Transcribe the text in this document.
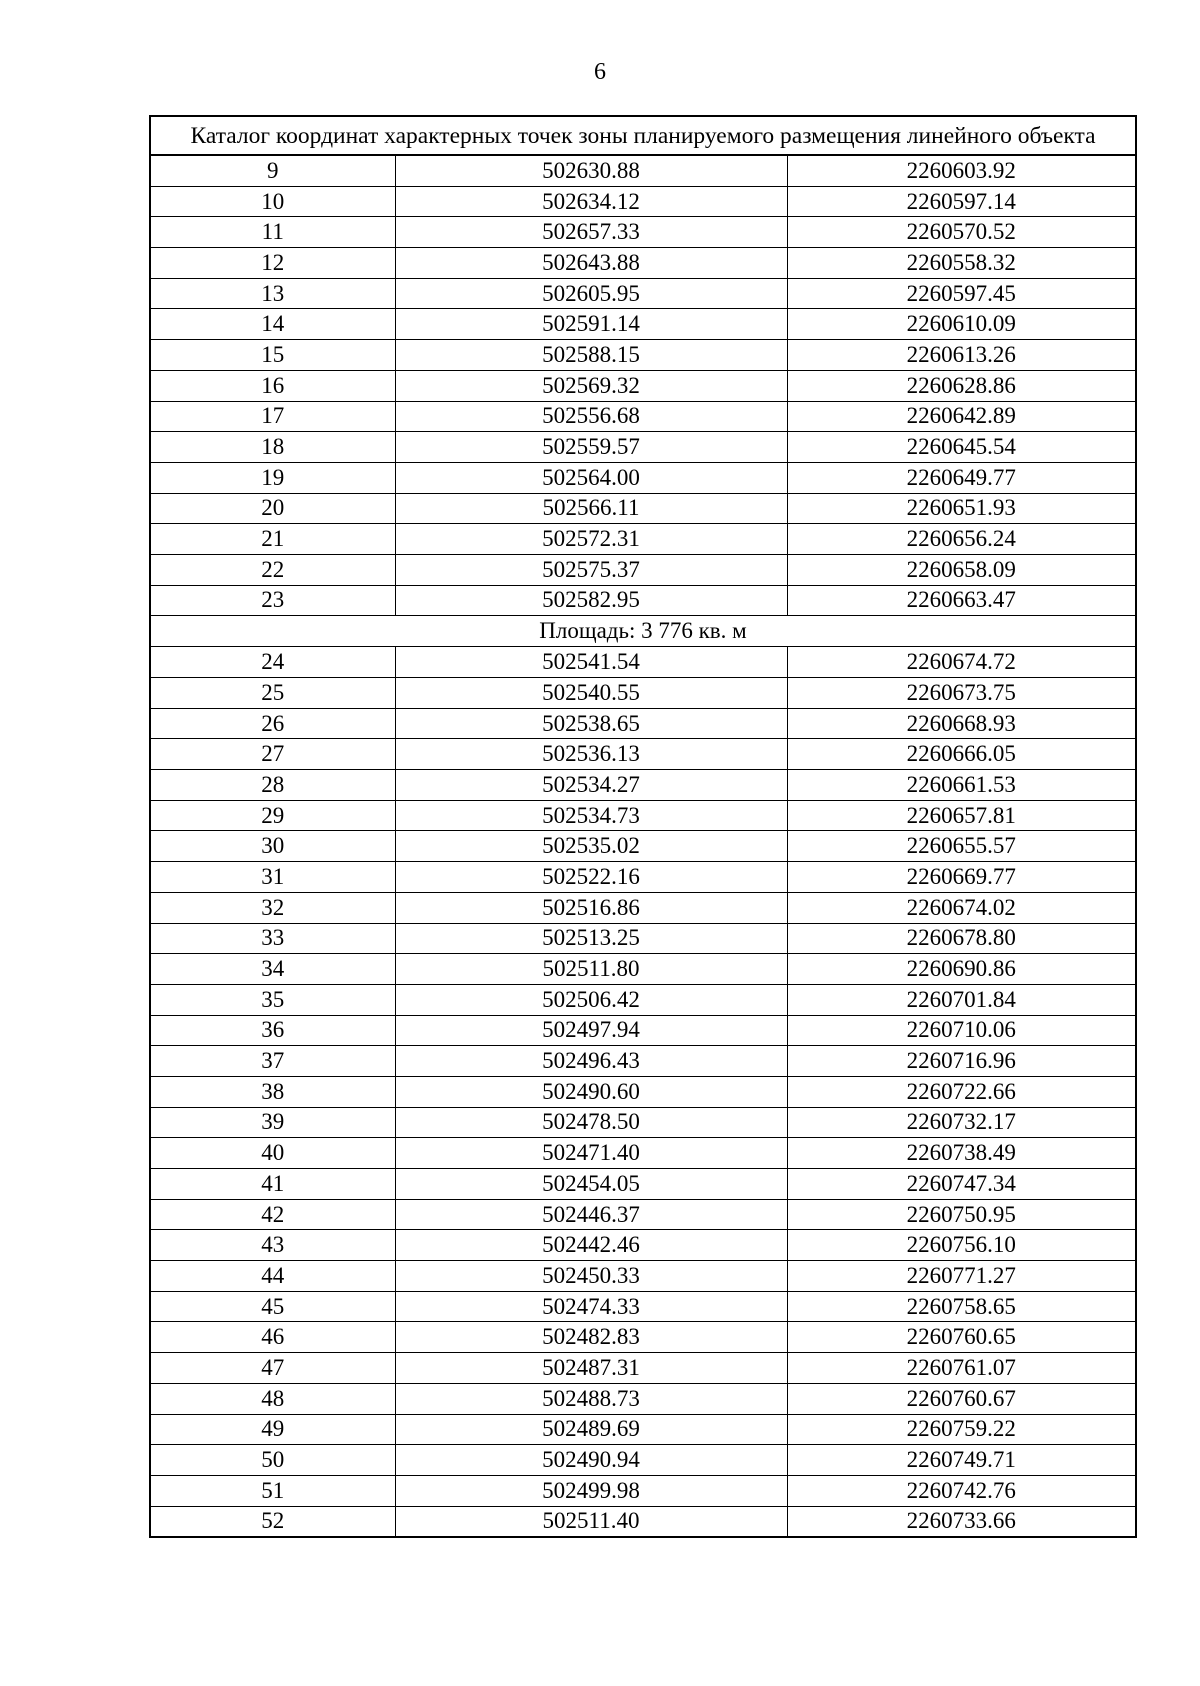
6
Каталог координат характерных точек зоны планируемого размещения линейного объекта		
9	502630.88	2260603.92
10	502634.12	2260597.14
11	502657.33	2260570.52
12	502643.88	2260558.32
13	502605.95	2260597.45
14	502591.14	2260610.09
15	502588.15	2260613.26
16	502569.32	2260628.86
17	502556.68	2260642.89
18	502559.57	2260645.54
19	502564.00	2260649.77
20	502566.11	2260651.93
21	502572.31	2260656.24
22	502575.37	2260658.09
23	502582.95	2260663.47
Площадь: 3 776 кв. м		
24	502541.54	2260674.72
25	502540.55	2260673.75
26	502538.65	2260668.93
27	502536.13	2260666.05
28	502534.27	2260661.53
29	502534.73	2260657.81
30	502535.02	2260655.57
31	502522.16	2260669.77
32	502516.86	2260674.02
33	502513.25	2260678.80
34	502511.80	2260690.86
35	502506.42	2260701.84
36	502497.94	2260710.06
37	502496.43	2260716.96
38	502490.60	2260722.66
39	502478.50	2260732.17
40	502471.40	2260738.49
41	502454.05	2260747.34
42	502446.37	2260750.95
43	502442.46	2260756.10
44	502450.33	2260771.27
45	502474.33	2260758.65
46	502482.83	2260760.65
47	502487.31	2260761.07
48	502488.73	2260760.67
49	502489.69	2260759.22
50	502490.94	2260749.71
51	502499.98	2260742.76
52	502511.40	2260733.66
